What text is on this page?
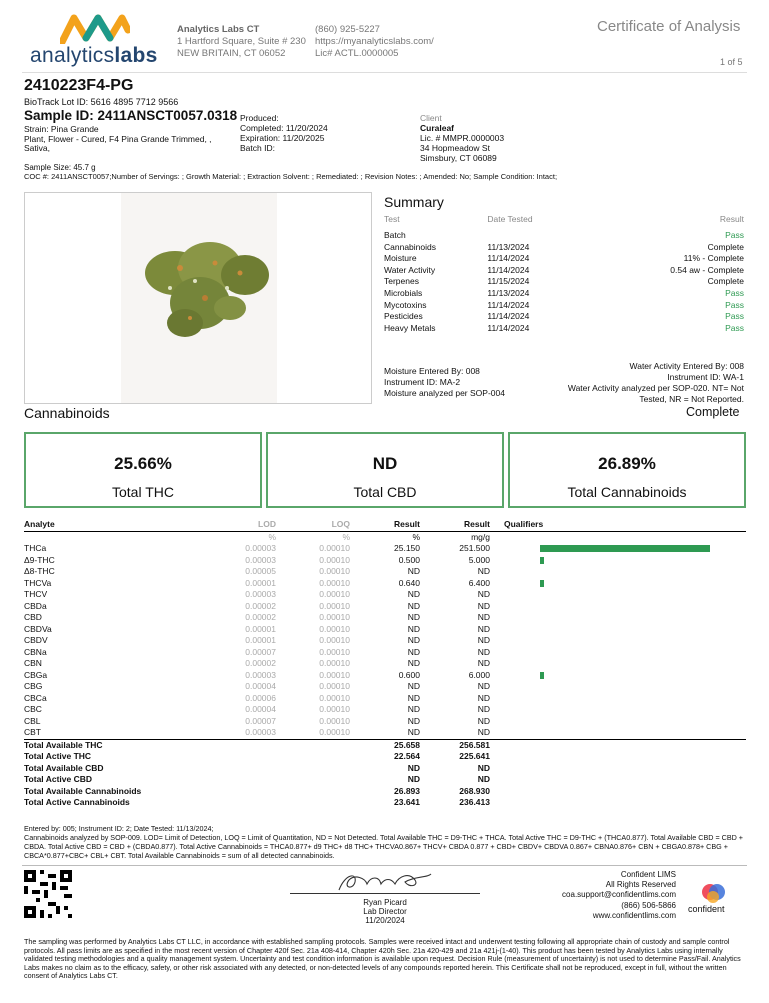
analyticslabs
Analytics Labs CT
1 Hartford Square, Suite # 230
NEW BRITAIN, CT 06052
(860) 925-5227
https://myanalyticslabs.com/
Lic# ACTL.0000005
Certificate of Analysis
1 of 5
2410223F4-PG
BioTrack Lot ID: 5616 4895 7712 9566
Sample ID: 2411ANSCT0057.0318
Strain: Pina Grande
Plant, Flower - Cured, F4 Pina Grande Trimmed, ,
Sativa,
Produced:
Completed: 11/20/2024
Expiration: 11/20/2025
Batch ID:
Client
Curaleaf
Lic. # MMPR.0000003
34 Hopmeadow St
Simsbury, CT 06089
Sample Size: 45.7 g
COC #: 2411ANSCT0057;Number of Servings: ; Growth Material: ; Extraction Solvent: ; Remediated: ; Revision Notes: ; Amended: No; Sample Condition: Intact;
Summary
Test	Date Tested	Result
Batch		Pass
Cannabinoids	11/13/2024	Complete
Moisture	11/14/2024	11% - Complete
Water Activity	11/14/2024	0.54 aw - Complete
Terpenes	11/15/2024	Complete
Microbials	11/13/2024	Pass
Mycotoxins	11/14/2024	Pass
Pesticides	11/14/2024	Pass
Heavy Metals	11/14/2024	Pass
Moisture Entered By: 008
Instrument ID: MA-2
Moisture analyzed per SOP-004
Water Activity Entered By: 008
Instrument ID: WA-1
Water Activity analyzed per SOP-020. NT= Not
Tested, NR = Not Reported.
Cannabinoids	Complete
25.66%
Total THC
ND
Total CBD
26.89%
Total Cannabinoids
Analyte	LOD	LOQ	Result	Result	Qualifiers
	%	%	%	mg/g	
THCa	0.00003	0.00010	25.150	251.500	
Δ9-THC	0.00003	0.00010	0.500	5.000	
Δ8-THC	0.00005	0.00010	ND	ND	
THCVa	0.00001	0.00010	0.640	6.400	
THCV	0.00003	0.00010	ND	ND	
CBDa	0.00002	0.00010	ND	ND	
CBD	0.00002	0.00010	ND	ND	
CBDVa	0.00001	0.00010	ND	ND	
CBDV	0.00001	0.00010	ND	ND	
CBNa	0.00007	0.00010	ND	ND	
CBN	0.00002	0.00010	ND	ND	
CBGa	0.00003	0.00010	0.600	6.000	
CBG	0.00004	0.00010	ND	ND	
CBCa	0.00006	0.00010	ND	ND	
CBC	0.00004	0.00010	ND	ND	
CBL	0.00007	0.00010	ND	ND	
CBT	0.00003	0.00010	ND	ND	
Total Available THC			25.658	256.581	
Total Active THC			22.564	225.641	
Total Available CBD			ND	ND	
Total Active CBD			ND	ND	
Total Available Cannabinoids			26.893	268.930	
Total Active Cannabinoids			23.641	236.413	
Entered by: 005; Instrument ID: 2; Date Tested: 11/13/2024;
Cannabinoids analyzed by SOP-009. LOD= Limit of Detection, LOQ = Limit of Quantitation, ND = Not Detected. Total Available THC = D9-THC + THCA. Total Active THC = D9-THC + (THCA0.877). Total Available CBD = CBD + CBDA. Total Active CBD = CBD + (CBDA0.877). Total Active Cannabinoids = THCA0.877+ d9 THC+ d8 THC+ THCVA0.867+ THCV+ CBDA 0.877 + CBD+ CBDV+ CBDVA 0.867+ CBNA0.876+ CBN + CBGA0.878+ CBG + CBCA*0.877+CBC+ CBL+ CBT. Total Available Cannabinoids = sum of all detected cannabinoids.
Ryan Picard
Lab Director
11/20/2024
Confident LIMS
All Rights Reserved
coa.support@confidentlims.com
(866) 506-5866
www.confidentlims.com
confident
The sampling was performed by Analytics Labs CT LLC, in accordance with established sampling protocols. Samples were received intact and underwent testing following all appropriate chain of custody and sample control protocols. All pass limits are as specified in the most recent version of Chapter 420f Sec. 21a 408-414, Chapter 420h Sec. 21a 420-429 and 21a 421j-(1-40). This product has been tested by Analytics Labs using internally validated testing methodologies and a quality management system. Uncertainty and test condition information is available upon request. Decision Rule (measurement of uncertainty) is not used to determine Pass/Fail. Analytics Labs makes no claim as to the efficacy, safety, or other risk associated with any detected, or non-detected levels of any compounds reported herein. This Certificate shall not be reproduced, except in full, without the written consent of Analytics Labs CT.
